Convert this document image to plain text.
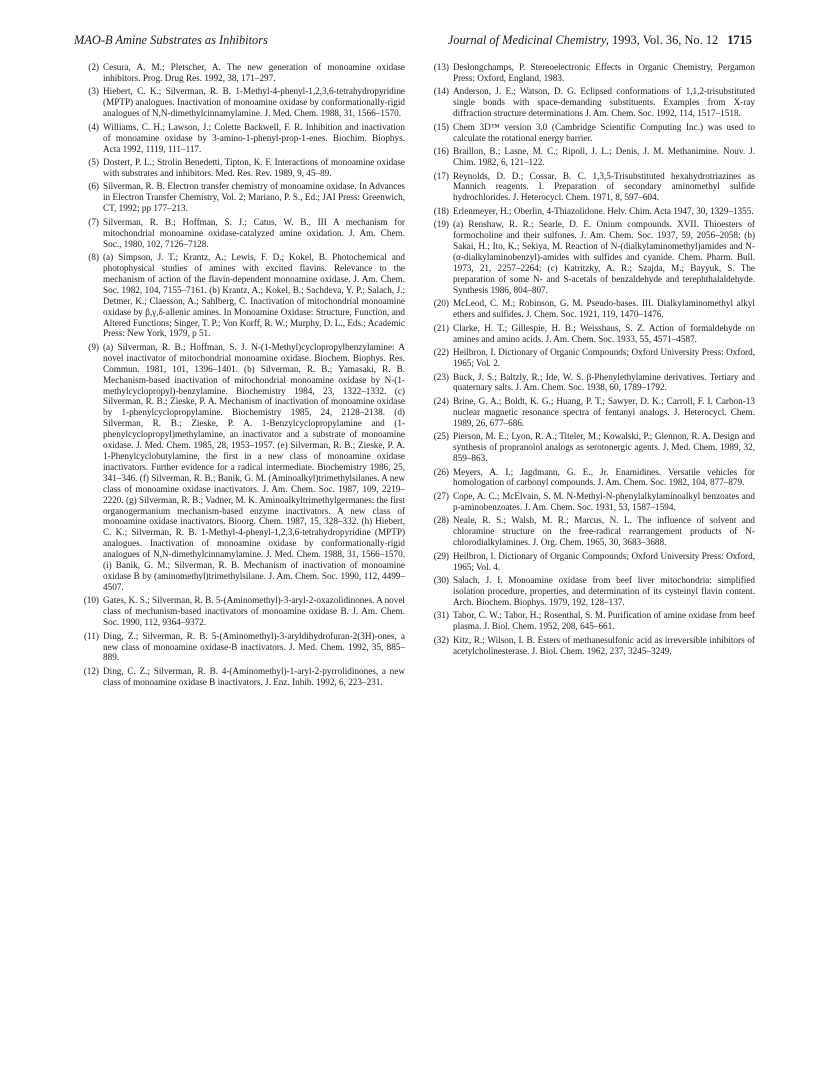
MAO-B Amine Substrates as Inhibitors	Journal of Medicinal Chemistry, 1993, Vol. 36, No. 12 1715
(2) Cesura, A. M.; Pletscher, A. The new generation of monoamine oxidase inhibitors. Prog. Drug Res. 1992, 38, 171–297.
(3) Hiebert, C. K.; Silverman, R. B. 1-Methyl-4-phenyl-1,2,3,6-tetrahydropyridine (MPTP) analogues. Inactivation of monoamine oxidase by conformationally-rigid analogues of N,N-dimethylcinnamylamine. J. Med. Chem. 1988, 31, 1566–1570.
(4) Williams, C. H.; Lawson, J.; Colette Backwell, F. R. Inhibition and inactivation of monoamine oxidase by 3-amino-1-phenyl-prop-1-enes. Biochim. Biophys. Acta 1992, 1119, 111–117.
(5) Dostert, P. L.; Strolin Benedetti, Tipton, K. F. Interactions of monoamine oxidase with substrates and inhibitors. Med. Res. Rev. 1989, 9, 45–89.
(6) Silverman, R. B. Electron transfer chemistry of monoamine oxidase. In Advances in Electron Transfer Chemistry, Vol. 2; Mariano, P. S., Ed.; JAI Press: Greenwich, CT, 1992; pp 177–213.
(7) Silverman, R. B.; Hoffman, S. J.; Catus, W. B., III A mechanism for mitochondrial monoamine oxidase-catalyzed amine oxidation. J. Am. Chem. Soc., 1980, 102, 7126–7128.
(8) (a) Simpson, J. T.; Krantz, A.; Lewis, F. D.; Kokel, B. Photochemical and photophysical studies of amines with excited flavins. Relevance to the mechanism of action of the flavin-dependent monoamine oxidase. J. Am. Chem. Soc. 1982, 104, 7155–7161. (b) Krantz, A.; Kokel, B.; Sachdeva, Y. P.; Salach, J.; Detmer, K.; Claesson, A.; Sahlberg, C. Inactivation of mitochondrial monoamine oxidase by β,γ,δ-allenic amines. In Monoamine Oxidase: Structure, Function, and Altered Functions; Singer, T. P.; Von Korff, R. W.; Murphy, D. L., Eds.; Academic Press: New York, 1979, p 51.
(9) (a) Silverman, R. B.; Hoffman, S. J. N-(1-Methyl)cyclopropylbenzylamine: A novel inactivator of mitochondrial monoamine oxidase. Biochem. Biophys. Res. Commun. 1981, 101, 1396–1401. (b) Silverman, R. B.; Yamasaki, R. B. Mechanism-based inactivation of mitochondrial monoamine oxidase by N-(1-methylcyclopropyl)-benzylamine. Biochemistry 1984, 23, 1322–1332. (c) Silverman, R. B.; Zieske, P. A. Mechanism of inactivation of monoamine oxidase by 1-phenylcyclopropylamine. Biochemistry 1985, 24, 2128–2138. (d) Silverman, R. B.; Zieske, P. A. 1-Benzylcyclopropylamine and (1-phenylcyclopropyl)methylamine, an inactivator and a substrate of monoamine oxidase. J. Med. Chem. 1985, 28, 1953–1957. (e) Silverman, R. B.; Zieske, P. A. 1-Phenylcyclobutylamine, the first in a new class of monoamine oxidase inactivators. Further evidence for a radical intermediate. Biochemistry 1986, 25, 341–346. (f) Silverman, R. B.; Banik, G. M. (Aminoalkyl)trimethylsilanes. A new class of monoamine oxidase inactivators. J. Am. Chem. Soc. 1987, 109, 2219–2220. (g) Silverman, R. B.; Vadner, M. K. Aminoalkyltrimethylgermanes: the first organogermanium mechanism-based enzyme inactivators. A new class of monoamine oxidase inactivators. Bioorg. Chem. 1987, 15, 328–332. (h) Hiebert, C. K.; Silverman, R. B. 1-Methyl-4-phenyl-1,2,3,6-tetrahydropyridine (MPTP) analogues. Inactivation of monoamine oxidase by conformationally-rigid analogues of N,N-dimethylcinnamylamine. J. Med. Chem. 1988, 31, 1566–1570. (i) Banik, G. M.; Silverman, R. B. Mechanism of inactivation of monoamine oxidase B by (aminomethyl)trimethylsilane. J. Am. Chem. Soc. 1990, 112, 4499–4507.
(10) Gates, K. S.; Silverman, R. B. 5-(Aminomethyl)-3-aryl-2-oxazolidinones. A novel class of mechanism-based inactivators of monoamine oxidase B. J. Am. Chem. Soc. 1990, 112, 9364–9372.
(11) Ding, Z.; Silverman, R. B. 5-(Aminomethyl)-3-aryldihydrofuran-2(3H)-ones, a new class of monoamine oxidase-B inactivators. J. Med. Chem. 1992, 35, 885–889.
(12) Ding, C. Z.; Silverman, R. B. 4-(Aminomethyl)-1-aryl-2-pyrrolidinones, a new class of monoamine oxidase B inactivators. J. Enz. Inhib. 1992, 6, 223–231.
(13) Deslongchamps, P. Stereoelectronic Effects in Organic Chemistry, Pergamon Press: Oxford, England, 1983.
(14) Anderson, J. E.; Watson, D. G. Eclipsed conformations of 1,1,2-trisubstituted single bonds with space-demanding substituents. Examples from X-ray diffraction structure determinations J. Am. Chem. Soc. 1992, 114, 1517–1518.
(15) Chem 3D™ version 3.0 (Cambridge Scientific Computing Inc.) was used to calculate the rotational energy barrier.
(16) Braillon, B.; Lasne, M. C.; Ripoll, J. L.; Denis, J. M. Methanimine. Nouv. J. Chim. 1982, 6, 121–122.
(17) Reynolds, D. D.; Cossar, B. C. 1,3,5-Trisubstituted hexahydrotriazines as Mannich reagents. I. Preparation of secondary aminomethyl sulfide hydrochlorides. J. Heterocycl. Chem. 1971, 8, 597–604.
(18) Erlenmeyer, H.; Oberlin, 4-Thiazolidone. Helv. Chim. Acta 1947, 30, 1329–1355.
(19) (a) Renshaw, R. R.; Searle, D. E. Onium compounds. XVII. Thioesters of formocholine and their sulfones. J. Am. Chem. Soc. 1937, 59, 2056–2058; (b) Sakai, H.; Ito, K.; Sekiya, M. Reaction of N-(dialkylaminomethyl)amides and N-(α-dialkylaminobenzyl)-amides with sulfides and cyanide. Chem. Pharm. Bull. 1973, 21, 2257–2264; (c) Katritzky, A. R.; Szajda, M.; Bayyuk, S. The preparation of some N- and S-acetals of benzaldehyde and terephthalaldehyde. Synthesis 1986, 804–807.
(20) McLeod, C. M.; Robinson, G. M. Pseudo-bases. III. Dialkylaminomethyl alkyl ethers and sulfides. J. Chem. Soc. 1921, 119, 1470–1476.
(21) Clarke, H. T.; Gillespie, H. B.; Weisshaus, S. Z. Action of formaldehyde on amines and amino acids. J. Am. Chem. Soc. 1933, 55, 4571–4587.
(22) Heilbron, I. Dictionary of Organic Compounds; Oxford University Press: Oxford, 1965; Vol. 2.
(23) Buck, J. S.; Baltzly, R.; Ide, W. S. β-Phenylethylamine derivatives. Tertiary and quaternary salts. J. Am. Chem. Soc. 1938, 60, 1789–1792.
(24) Brine, G. A.; Boldt, K. G.; Huang, P. T.; Sawyer, D. K.; Carroll, F. I. Carbon-13 nuclear magnetic resonance spectra of fentanyl analogs. J. Heterocycl. Chem. 1989, 26, 677–686.
(25) Pierson, M. E.; Lyon, R. A.; Titeler, M.; Kowalski, P.; Glennon, R. A. Design and synthesis of propranolol analogs as serotonergic agents. J. Med. Chem. 1989, 32, 859–863.
(26) Meyers, A. I.; Jagdmann, G. E., Jr. Enamidines. Versatile vehicles for homologation of carbonyl compounds. J. Am. Chem. Soc. 1982, 104, 877–879.
(27) Cope, A. C.; McElvain, S. M. N-Methyl-N-phenylalkylaminoalkyl benzoates and p-aminobenzoates. J. Am. Chem. Soc. 1931, 53, 1587–1594.
(28) Neale, R. S.; Walsh, M. R.; Marcus, N. L. The influence of solvent and chloramine structure on the free-radical rearrangement products of N-chlorodialkylamines. J. Org. Chem. 1965, 30, 3683–3688.
(29) Heilbron, I. Dictionary of Organic Compounds; Oxford University Press: Oxford, 1965; Vol. 4.
(30) Salach, J. I. Monoamine oxidase from beef liver mitochondria: simplified isolation procedure, properties, and determination of its cysteinyl flavin content. Arch. Biochem. Biophys. 1979, 192, 128–137.
(31) Tabor, C. W.; Tabor, H.; Rosenthal, S. M. Purification of amine oxidase from beef plasma. J. Biol. Chem. 1952, 208, 645–661.
(32) Kitz, R.; Wilson, I. B. Esters of methanesulfonic acid as irreversible inhibitors of acetylcholinesterase. J. Biol. Chem. 1962, 237, 3245–3249.
